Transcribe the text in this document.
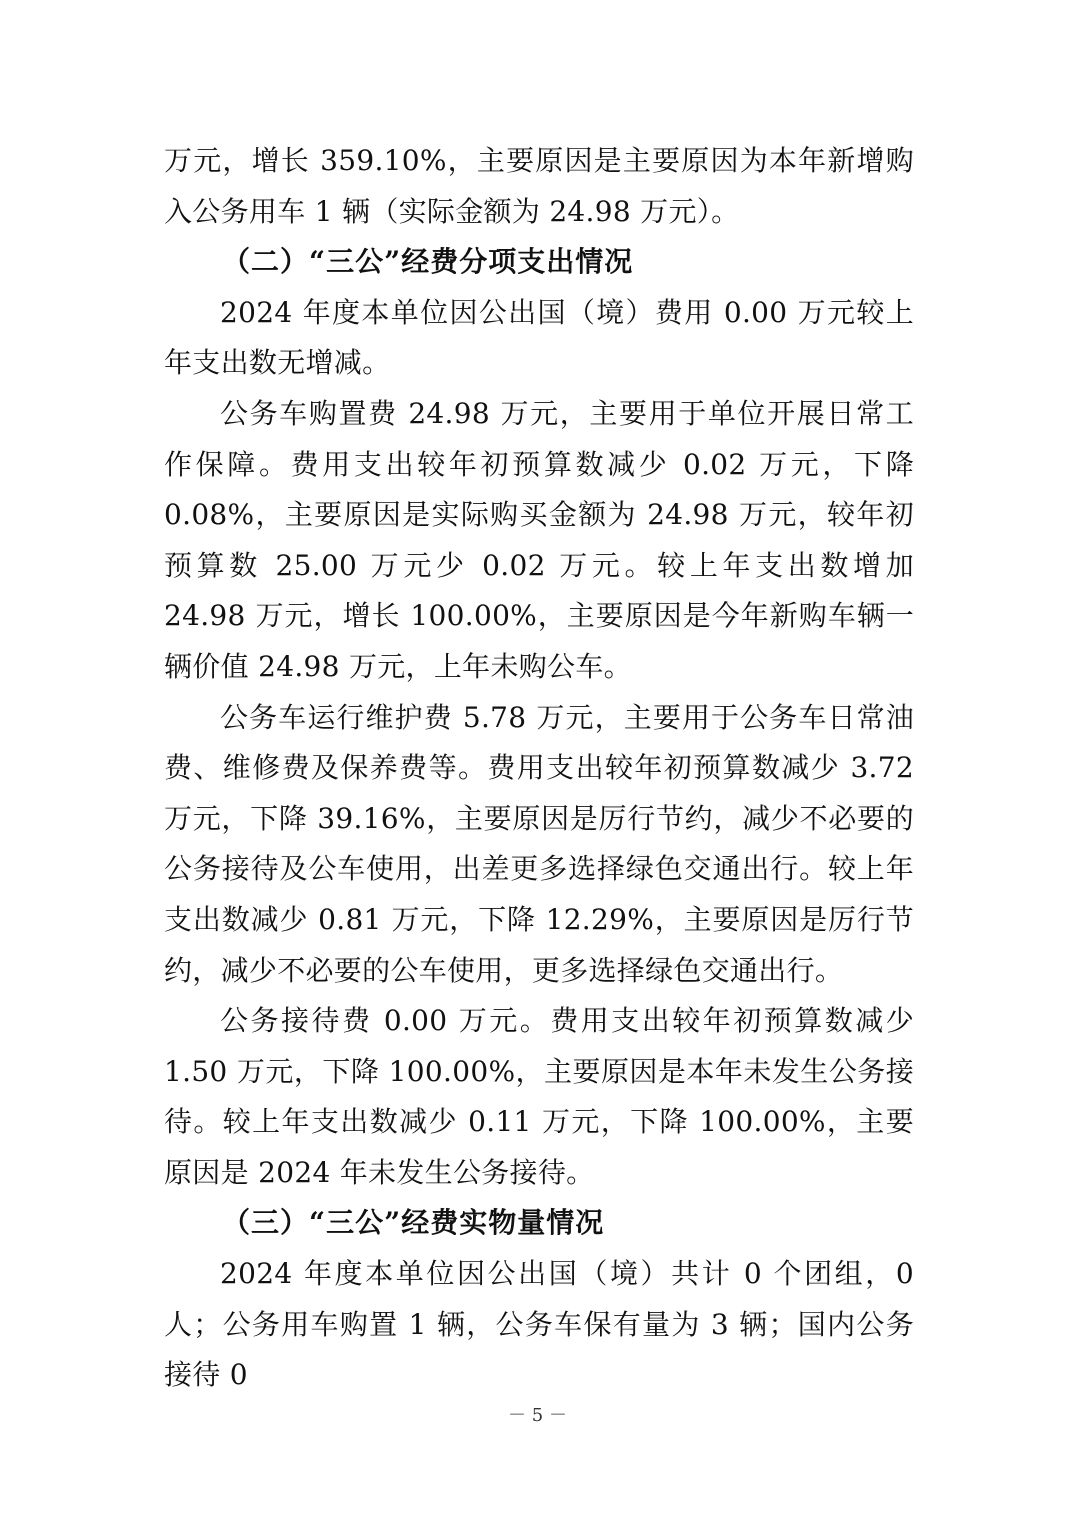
万元，增长 359.10%，主要原因是主要原因为本年新增购入公务用车 1 辆（实际金额为 24.98 万元）。

（二）“三公”经费分项支出情况

2024 年度本单位因公出国（境）费用 0.00 万元较上年支出数无增减。

公务车购置费 24.98 万元，主要用于单位开展日常工作保障。费用支出较年初预算数减少 0.02 万元，下降 0.08%，主要原因是实际购买金额为 24.98 万元，较年初预算数 25.00 万元少 0.02 万元。较上年支出数增加 24.98 万元，增长 100.00%，主要原因是今年新购车辆一辆价值 24.98 万元，上年未购公车。

公务车运行维护费 5.78 万元，主要用于公务车日常油费、维修费及保养费等。费用支出较年初预算数减少 3.72 万元，下降 39.16%，主要原因是厉行节约，减少不必要的公务接待及公车使用，出差更多选择绿色交通出行。较上年支出数减少 0.81 万元，下降 12.29%，主要原因是厉行节约，减少不必要的公车使用，更多选择绿色交通出行。

公务接待费 0.00 万元。费用支出较年初预算数减少 1.50 万元，下降 100.00%，主要原因是本年未发生公务接待。较上年支出数减少 0.11 万元，下降 100.00%，主要原因是 2024 年未发生公务接待。

（三）“三公”经费实物量情况

2024 年度本单位因公出国（境）共计 0 个团组，0 人；公务用车购置 1 辆，公务车保有量为 3 辆；国内公务接待 0

－ 5 －
